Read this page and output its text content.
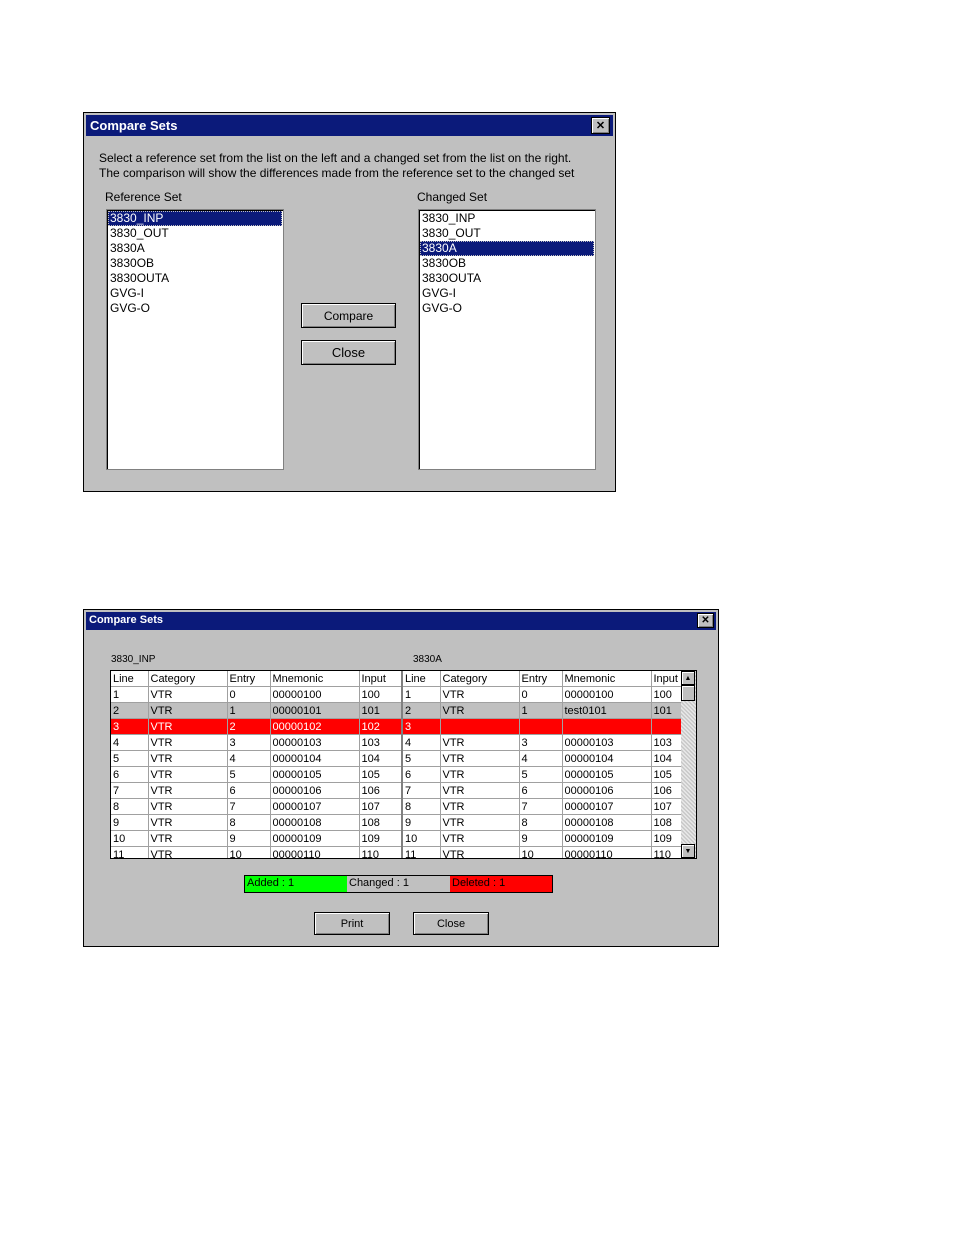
Compare Sets	✕
Select a reference set from the list on the left and a changed set from the list on the right.
The comparison will show the differences made from the reference set to the changed set
Reference Set	Changed Set
3830_INP
3830_OUT
3830A
3830OB
3830OUTA
GVG-I
GVG-O
3830_INP
3830_OUT
3830A
3830OB
3830OUTA
GVG-I
GVG-O
Compare
Close
Compare Sets	✕
3830_INP	3830A
Line	Category	Entry	Mnemonic	Input
1	VTR	0	00000100	100
2	VTR	1	00000101	101
3	VTR	2	00000102	102
4	VTR	3	00000103	103
5	VTR	4	00000104	104
6	VTR	5	00000105	105
7	VTR	6	00000106	106
8	VTR	7	00000107	107
9	VTR	8	00000108	108
10	VTR	9	00000109	109
11	VTR	10	00000110	110
Line	Category	Entry	Mnemonic	Input
1	VTR	0	00000100	100
2	VTR	1	test0101	101
3				
4	VTR	3	00000103	103
5	VTR	4	00000104	104
6	VTR	5	00000105	105
7	VTR	6	00000106	106
8	VTR	7	00000107	107
9	VTR	8	00000108	108
10	VTR	9	00000109	109
11	VTR	10	00000110	110
▲
▼
Added : 1	Changed : 1	Deleted : 1
Print	Close
